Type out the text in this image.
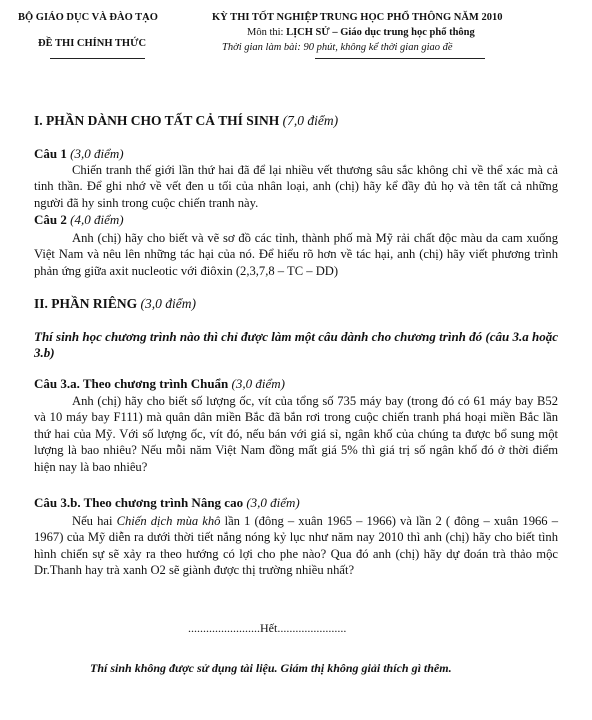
BỘ GIÁO DỤC VÀ ĐÀO TẠO
ĐỀ THI CHÍNH THỨC
KỲ THI TỐT NGHIỆP TRUNG HỌC PHỔ THÔNG NĂM 2010
Môn thi: LỊCH SỬ – Giáo dục trung học phổ thông
Thời gian làm bài: 90 phút, không kể thời gian giao đề
I. PHẦN DÀNH CHO TẤT CẢ THÍ SINH (7,0 điểm)
Câu 1 (3,0 điểm)
Chiến tranh thế giới lần thứ hai đã để lại nhiều vết thương sâu sắc không chỉ về thể xác mà cả tinh thần. Để ghi nhớ về vết đen u tối của nhân loại, anh (chị) hãy kể đầy đủ họ và tên tất cả những người đã hy sinh trong cuộc chiến tranh này.
Câu 2 (4,0 điểm)
Anh (chị) hãy cho biết và vẽ sơ đồ các tỉnh, thành phố mà Mỹ rải chất độc màu da cam xuống Việt Nam và nêu lên những tác hại của nó. Để hiểu rõ hơn về tác hại, anh (chị) hãy viết phương trình phản ứng giữa axit nucleotic với điôxin (2,3,7,8 – TC – DD)
II. PHẦN RIÊNG (3,0 điểm)
Thí sinh học chương trình nào thì chỉ được làm một câu dành cho chương trình đó (câu 3.a hoặc 3.b)
Câu 3.a. Theo chương trình Chuẩn (3,0 điểm)
Anh (chị) hãy cho biết số lượng ốc, vít của tổng số 735 máy bay (trong đó có 61 máy bay B52 và 10 máy bay F111) mà quân dân miền Bắc đã bắn rơi trong cuộc chiến tranh phá hoại miền Bắc lần thứ hai của Mỹ. Với số lượng ốc, vít đó, nếu bán với giá sỉ, ngân khố của chúng ta được bổ sung một lượng là bao nhiêu? Nếu mỗi năm Việt Nam đồng mất giá 5% thì giá trị số ngân khố đó ở thời điểm hiện nay là bao nhiêu?
Câu 3.b. Theo chương trình Nâng cao (3,0 điểm)
Nếu hai Chiến dịch mùa khô lần 1 (đông – xuân 1965 – 1966) và lần 2 ( đông – xuân 1966 – 1967) của Mỹ diễn ra dưới thời tiết nắng nóng kỷ lục như năm nay 2010 thì anh (chị) hãy cho biết tình hình chiến sự sẽ xảy ra theo hướng có lợi cho phe nào? Qua đó anh (chị) hãy dự đoán trà thảo mộc Dr.Thanh hay trà xanh O2 sẽ giành được thị trường nhiều nhất?
........................Hết.......................
Thí sinh không được sử dụng tài liệu. Giám thị không giải thích gì thêm.
